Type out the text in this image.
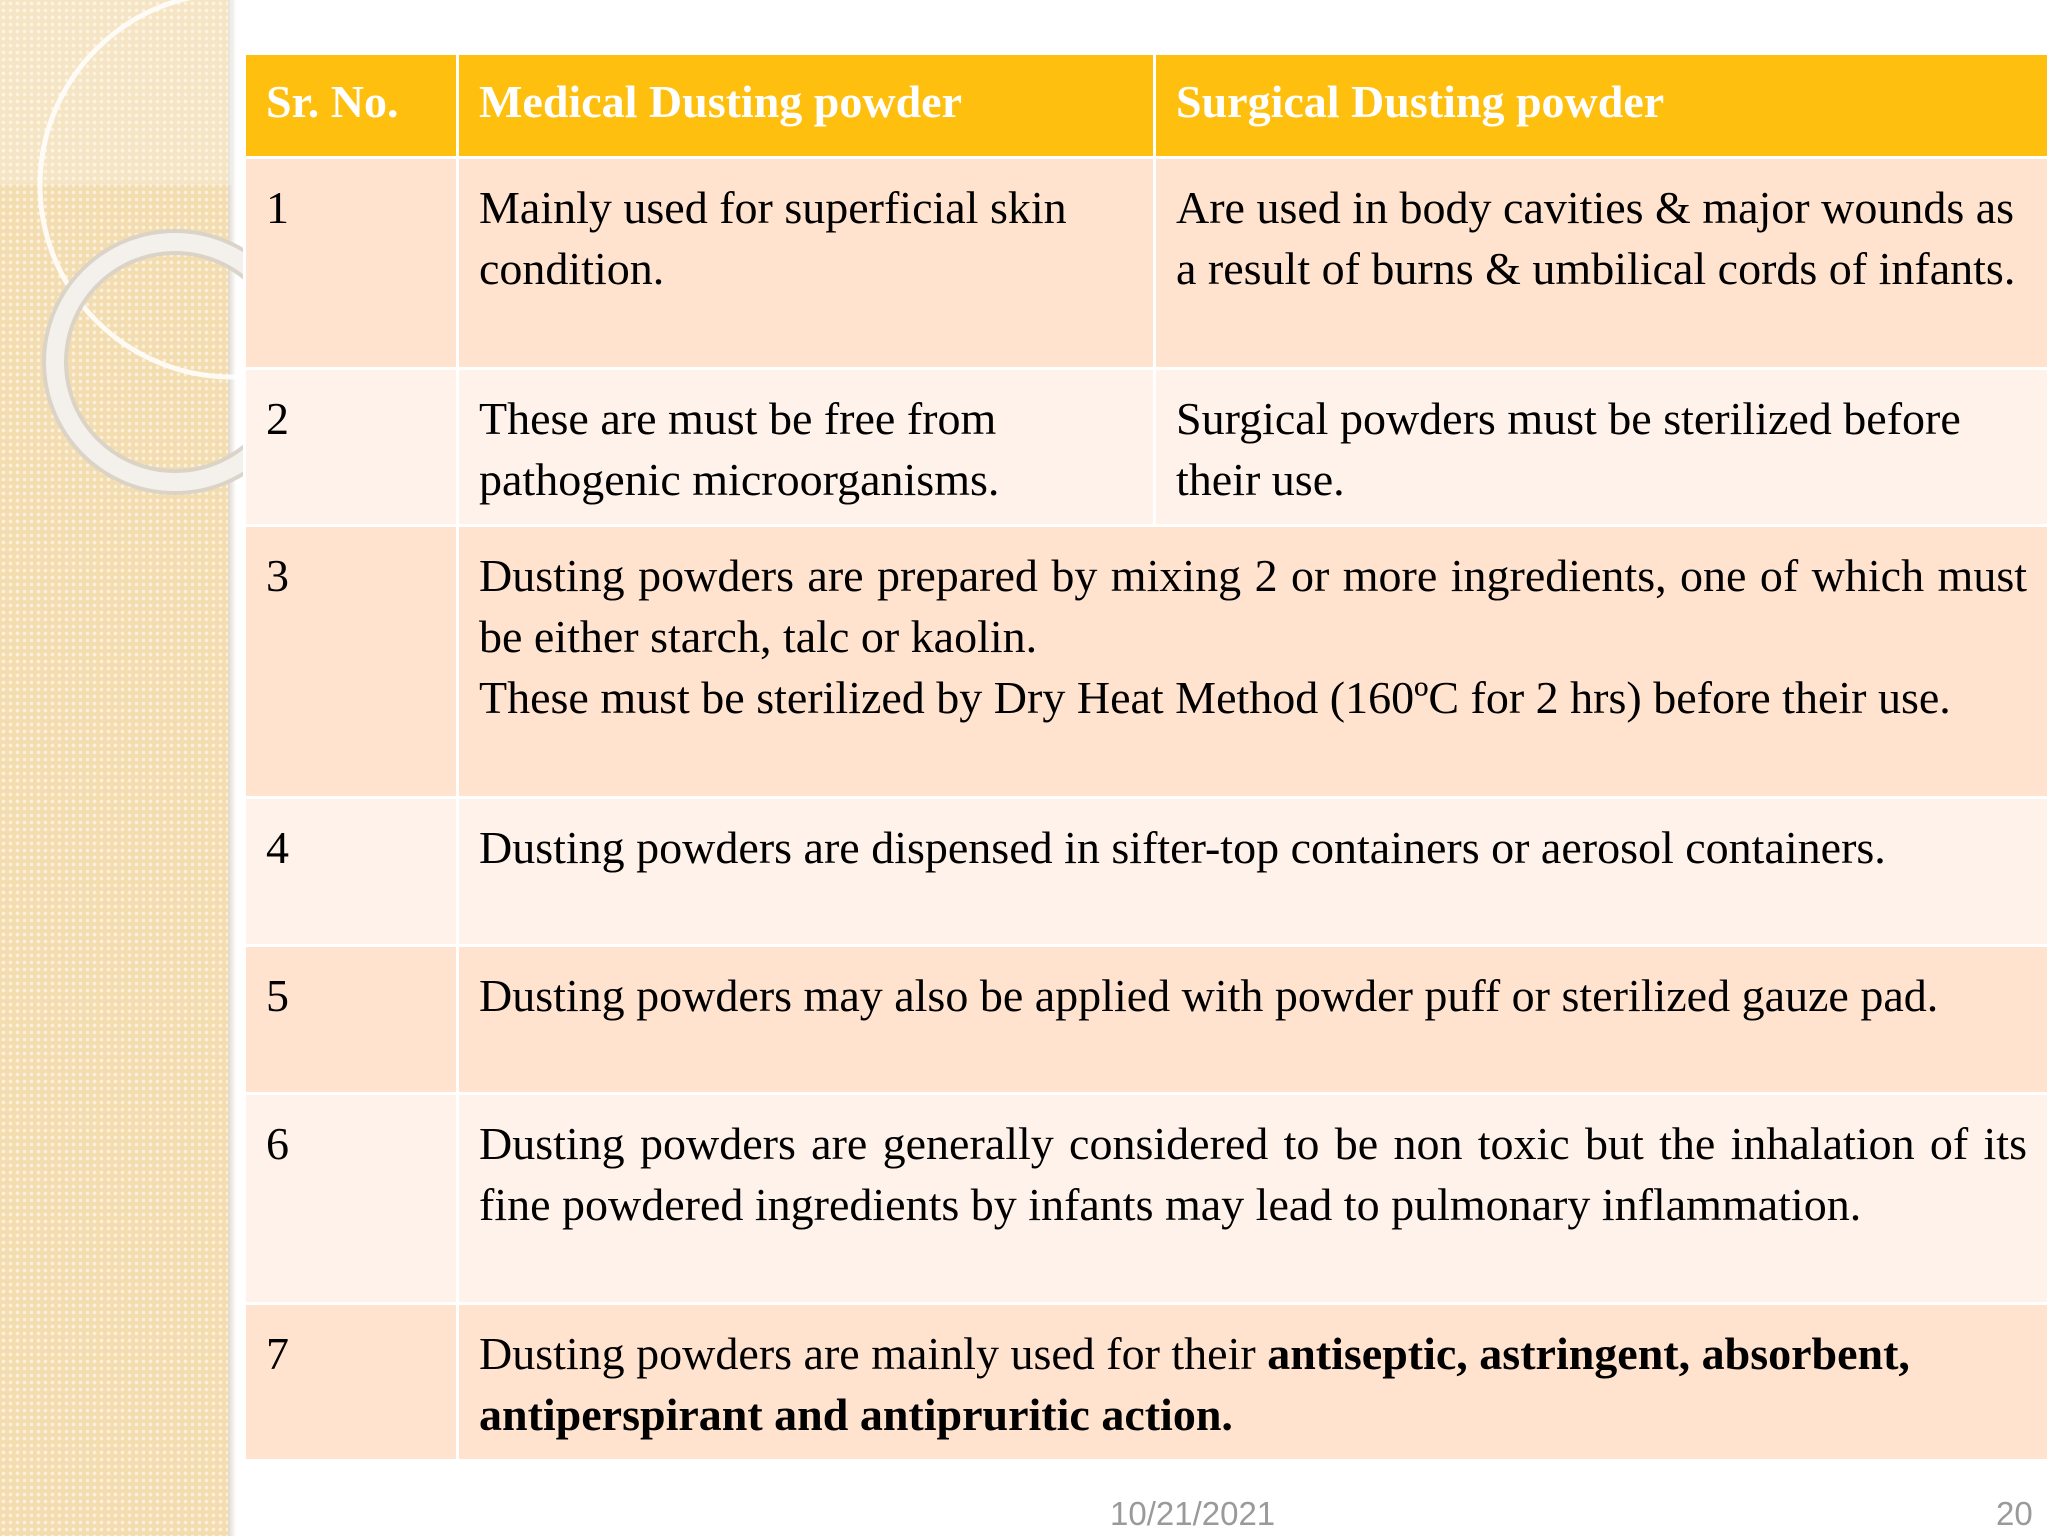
Sr. No.	Medical Dusting powder	Surgical Dusting powder
1	Mainly used for superficial skin condition.	Are used in body cavities & major wounds as a result of burns & umbilical cords of infants.
2	These are must be free from pathogenic microorganisms.	Surgical powders must be sterilized before their use.
3	Dusting powders are prepared by mixing 2 or more ingredients, one of which must be either starch, talc or kaolin.
These must be sterilized by Dry Heat Method (160ºC for 2 hrs) before their use.	

4	Dusting powders are dispensed in sifter-top containers or aerosol containers.	

5	Dusting powders may also be applied with powder puff or sterilized gauze pad.	

6	Dusting powders are generally considered to be non toxic but the inhalation of its fine powdered ingredients by infants may lead to pulmonary inflammation.	

7	Dusting powders are mainly used for their antiseptic, astringent, absorbent, antiperspirant and antipruritic action.	
10/21/2021	20
